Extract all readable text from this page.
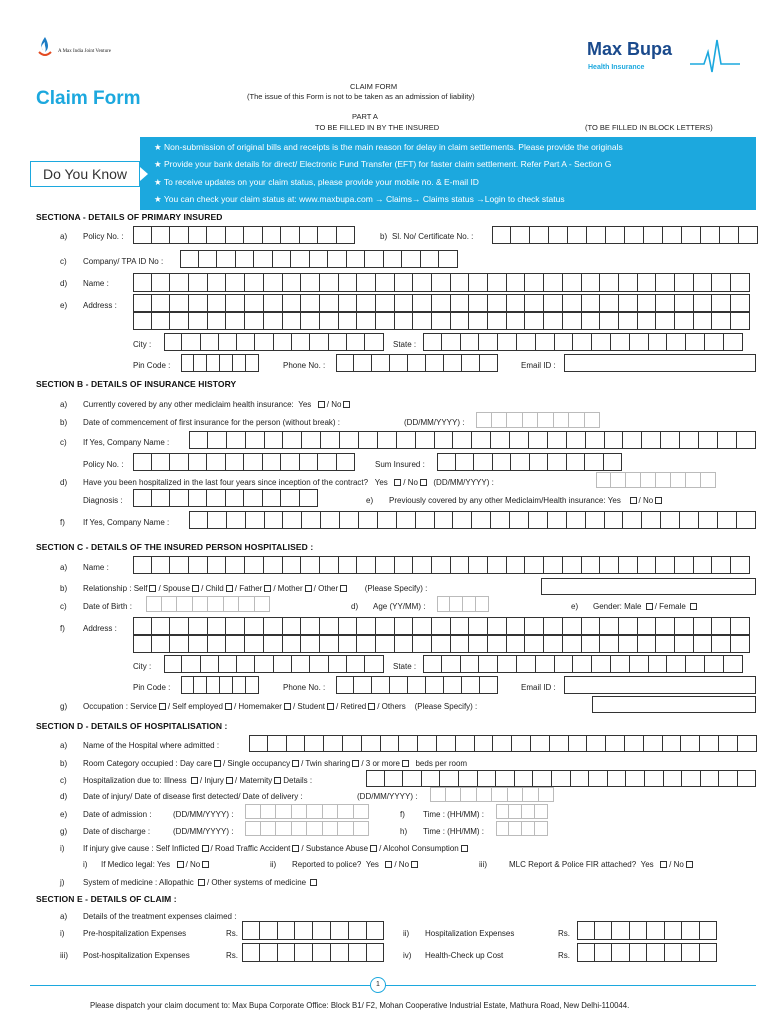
A Max India Joint Venture	Max Bupa
Health Insurance
Claim Form
CLAIM FORM
(The issue of this Form is not to be taken as an admission of liability)
PART A
TO BE FILLED IN BY THE INSURED	(TO BE FILLED IN BLOCK LETTERS)
★ Non-submission of original bills and receipts is the main reason for delay in claim settlements. Please provide the originals
★ Provide your bank details for direct/ Electronic Fund Transfer (EFT) for faster claim settlement. Refer Part A - Section G
★ To receive updates on your claim status, please provide your mobile no. & E-mail ID
★ You can check your claim status at: www.maxbupa.com → Claims→ Claims status →Login to check status
Do You Know
SECTIONA - DETAILS OF PRIMARY INSURED
a) Policy No. :	b) Sl. No/ Certificate No. :
c) Company/ TPA ID No :
d) Name :
e) Address :
City :	State :
Pin Code :	Phone No. :	Email ID :
SECTION B - DETAILS OF INSURANCE HISTORY
a) Currently covered by any other mediclaim health insurance: Yes / No
b) Date of commencement of first insurance for the person (without break) :	(DD/MM/YYYY) :
c) If Yes, Company Name :
Policy No. :	Sum Insured :
d) Have you been hospitalized in the last four years since inception of the contract? Yes / No (DD/MM/YYYY) :
Diagnosis :	e) Previously covered by any other Mediclaim/Health insurance: Yes / No
f) If Yes, Company Name :
SECTION C - DETAILS OF THE INSURED PERSON HOSPITALISED :
a) Name :
b) Relationship : Self / Spouse / Child / Father / Mother / Other	(Please Specify) :
c) Date of Birth :	d) Age (YY/MM) :	e) Gender: Male / Female
f) Address :
City :	State :
Pin Code :	Phone No. :	Email ID :
g) Occupation : Service / Self employed / Homemaker / Student / Retired / Others (Please Specify) :
SECTION D - DETAILS OF HOSPITALISATION :
a) Name of the Hospital where admitted :
b) Room Category occupied : Day care / Single occupancy / Twin sharing / 3 or more beds per room
c) Hospitalization due to: Illness / Injury / Maternity Details :
d) Date of injury/ Date of disease first detected/ Date of delivery :	(DD/MM/YYYY) :
e) Date of admission :	(DD/MM/YYYY) :	f) Time : (HH/MM) :
g) Date of discharge :	(DD/MM/YYYY) :	h) Time : (HH/MM) :
i) If injury give cause : Self Inflicted / Road Traffic Accident / Substance Abuse / Alcohol Consumption
i) If Medico legal: Yes / No	ii) Reported to police? Yes / No	iii)	MLC Report & Police FIR attached? Yes / No
j) System of medicine : Allopathic / Other systems of medicine
SECTION E - DETAILS OF CLAIM :
a) Details of the treatment expenses claimed :
i) Pre-hospitalization Expenses	Rs.	ii) Hospitalization Expenses	Rs.
iii) Post-hospitalization Expenses	Rs.	iv) Health-Check up Cost	Rs.
1
Please dispatch your claim document to: Max Bupa Corporate Office: Block B1/ F2, Mohan Cooperative Industrial Estate, Mathura Road, New Delhi-110044.
